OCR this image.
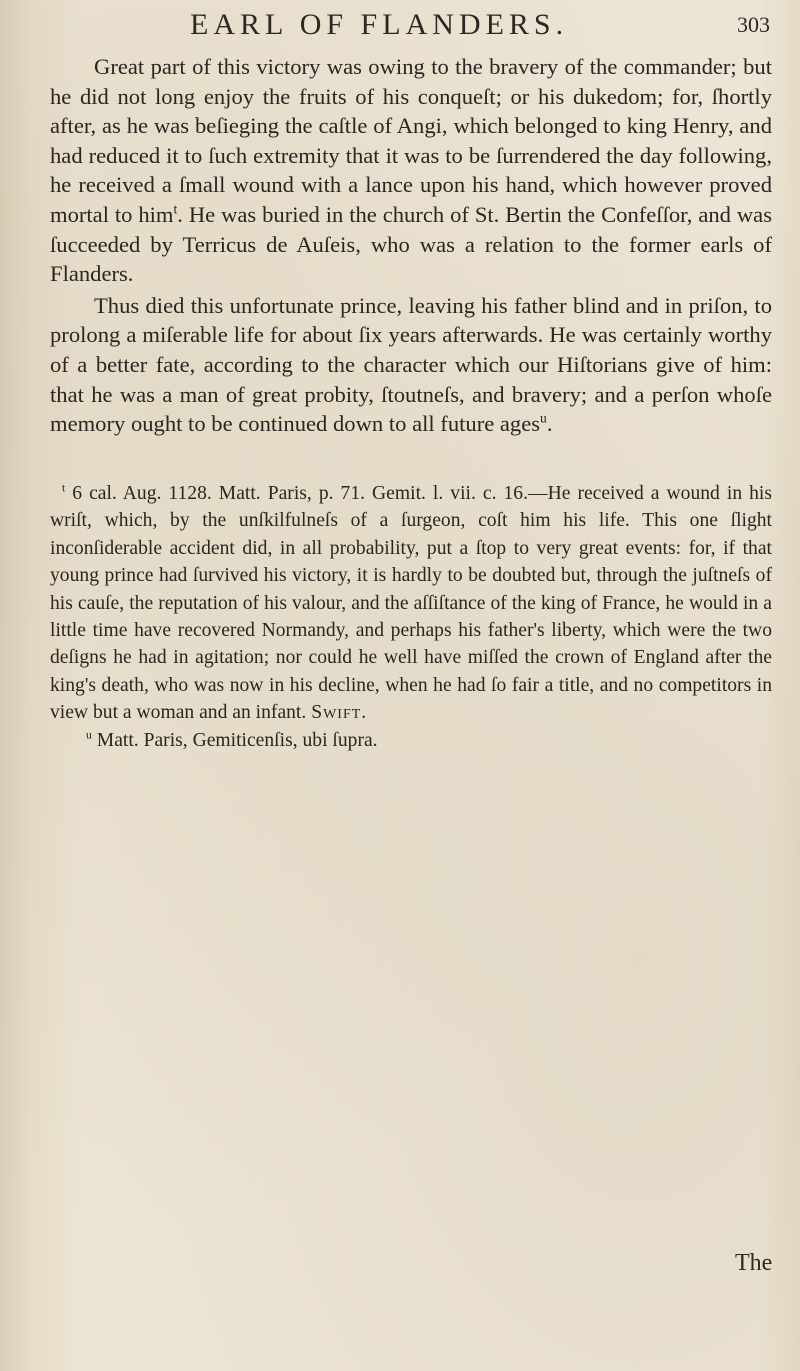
EARL OF FLANDERS.	303

Great part of this victory was owing to the bravery of the commander; but he did not long enjoy the fruits of his conqueſt; or his dukedom; for, ſhortly after, as he was beſieging the caſtle of Angi, which belonged to king Henry, and had reduced it to ſuch extremity that it was to be ſurrendered the day following, he received a ſmall wound with a lance upon his hand, which however proved mortal to him$^t$. He was buried in the church of St. Bertin the Confeſſor, and was ſucceeded by Terricus de Auſeis, who was a relation to the former earls of Flanders.

Thus died this unfortunate prince, leaving his father blind and in priſon, to prolong a miſerable life for about ſix years afterwards. He was certainly worthy of a better fate, according to the character which our Hiſtorians give of him: that he was a man of great probity, ſtoutneſs, and bravery; and a perſon whoſe memory ought to be continued down to all future ages$^u$.

$^t$ 6 cal. Aug. 1128. Matt. Paris, p. 71. Gemit. l. vii. c. 16.—He received a wound in his wriſt, which, by the unſkilfulneſs of a ſurgeon, coſt him his life. This one ſlight inconſiderable accident did, in all probability, put a ſtop to very great events: for, if that young prince had ſurvived his victory, it is hardly to be doubted but, through the juſtneſs of his cauſe, the reputation of his valour, and the aſſiſtance of the king of France, he would in a little time have recovered Normandy, and perhaps his father's liberty, which were the two deſigns he had in agitation; nor could he well have miſſed the crown of England after the king's death, who was now in his decline, when he had ſo fair a title, and no competitors in view but a woman and an infant. Swift.

$^u$ Matt. Paris, Gemiticenſis, ubi ſupra.

The
